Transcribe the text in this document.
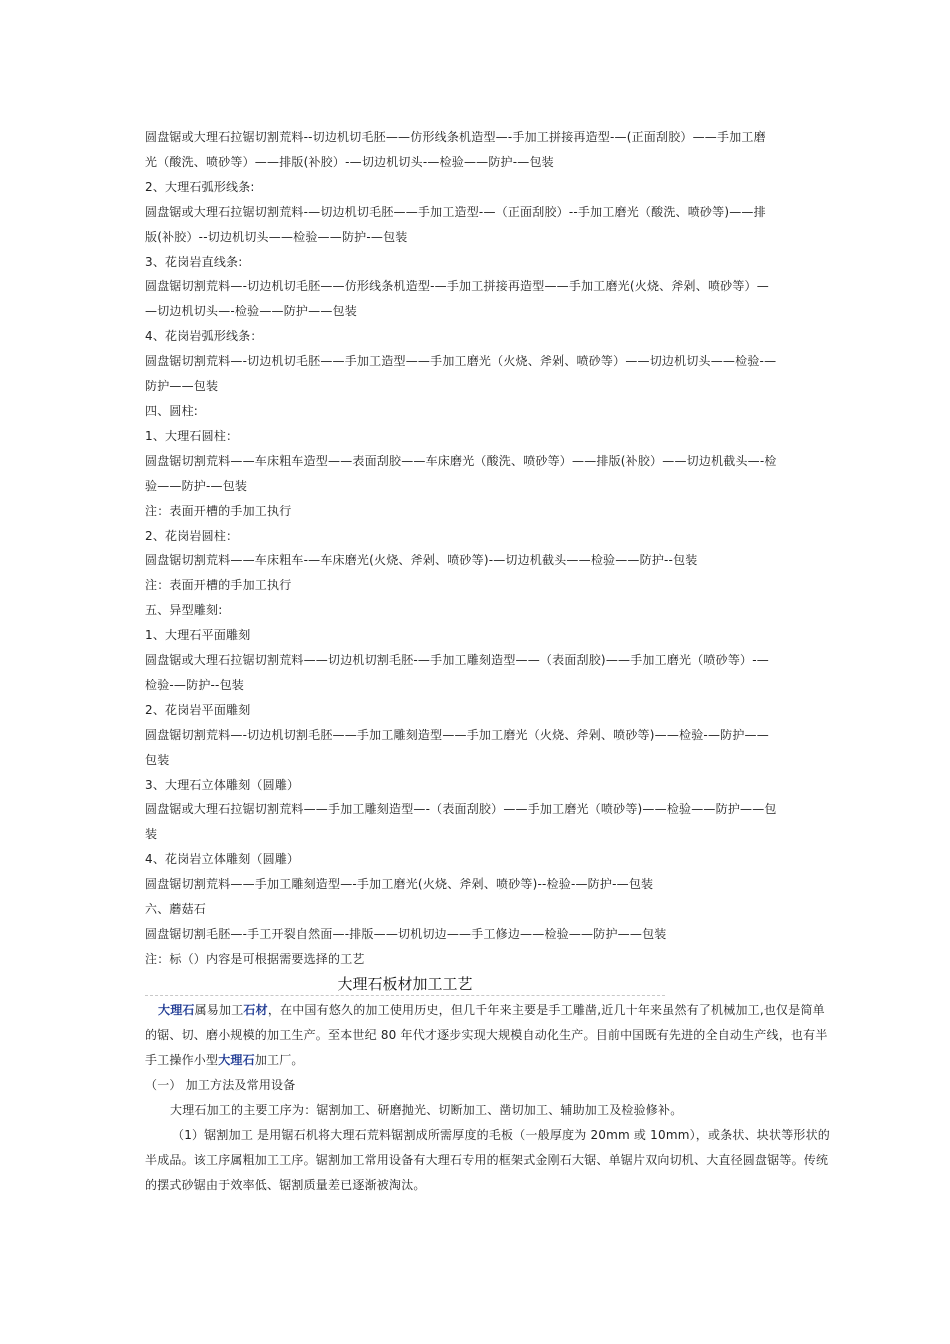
圆盘锯或大理石拉锯切割荒料--切边机切毛胚——仿形线条机造型—-手加工拼接再造型-—(正面刮胶）——手加工磨

光（酸洗、喷砂等）——排版(补胶）-—切边机切头-—检验——防护-—包装

2、大理石弧形线条:

圆盘锯或大理石拉锯切割荒料-—切边机切毛胚——手加工造型-—（正面刮胶）--手加工磨光（酸洗、喷砂等)——排

版(补胶）--切边机切头——检验——防护-—包装

3、花岗岩直线条:

圆盘锯切割荒料—-切边机切毛胚——仿形线条机造型-—手加工拼接再造型——手加工磨光(火烧、斧剁、喷砂等）—

—切边机切头—-检验——防护——包装

4、花岗岩弧形线条：

圆盘锯切割荒料—-切边机切毛胚——手加工造型——手加工磨光（火烧、斧剁、喷砂等）——切边机切头——检验-—

防护——包装

四、圆柱:

1、大理石圆柱：

圆盘锯切割荒料——车床粗车造型——表面刮胶——车床磨光（酸洗、喷砂等）——排版(补胶）——切边机截头—-检

验——防护-—包装

注：表面开槽的手加工执行

2、花岗岩圆柱：

圆盘锯切割荒料——车床粗车-—车床磨光(火烧、斧剁、喷砂等)-—切边机截头——检验——防护--包装

注：表面开槽的手加工执行

五、异型雕刻:

1、大理石平面雕刻

圆盘锯或大理石拉锯切割荒料——切边机切割毛胚-—手加工雕刻造型——（表面刮胶)——手加工磨光（喷砂等）-—

检验-—防护--包装

2、花岗岩平面雕刻

圆盘锯切割荒料—-切边机切割毛胚——手加工雕刻造型——手加工磨光（火烧、斧剁、喷砂等)——检验-—防护——

包装

3、大理石立体雕刻（圆雕）

圆盘锯或大理石拉锯切割荒料——手加工雕刻造型—-（表面刮胶）——手加工磨光（喷砂等)——检验——防护——包

装

4、花岗岩立体雕刻（圆雕）

圆盘锯切割荒料——手加工雕刻造型—-手加工磨光(火烧、斧剁、喷砂等)--检验-—防护-—包装

六、蘑菇石

圆盘锯切割毛胚—-手工开裂自然面—-排版——切机切边——手工修边——检验——防护——包装

注：标（）内容是可根据需要选择的工艺

大理石板材加工工艺

大理石属易加工石材，在中国有悠久的加工使用历史，但几千年来主要是手工雕凿,近几十年来虽然有了机械加工,也仅是简单的锯、切、磨小规模的加工生产。至本世纪 80 年代才逐步实现大规模自动化生产。目前中国既有先进的全自动生产线，也有半手工操作小型大理石加工厂。

（一） 加工方法及常用设备

大理石加工的主要工序为：锯割加工、研磨抛光、切断加工、凿切加工、辅助加工及检验修补。

（1）锯割加工 是用锯石机将大理石荒料锯割成所需厚度的毛板（一般厚度为 20mm 或 10mm），或条状、块状等形状的半成品。该工序属粗加工工序。锯割加工常用设备有大理石专用的框架式金刚石大锯、单锯片双向切机、大直径圆盘锯等。传统的摆式砂锯由于效率低、锯割质量差已逐渐被淘汰。
